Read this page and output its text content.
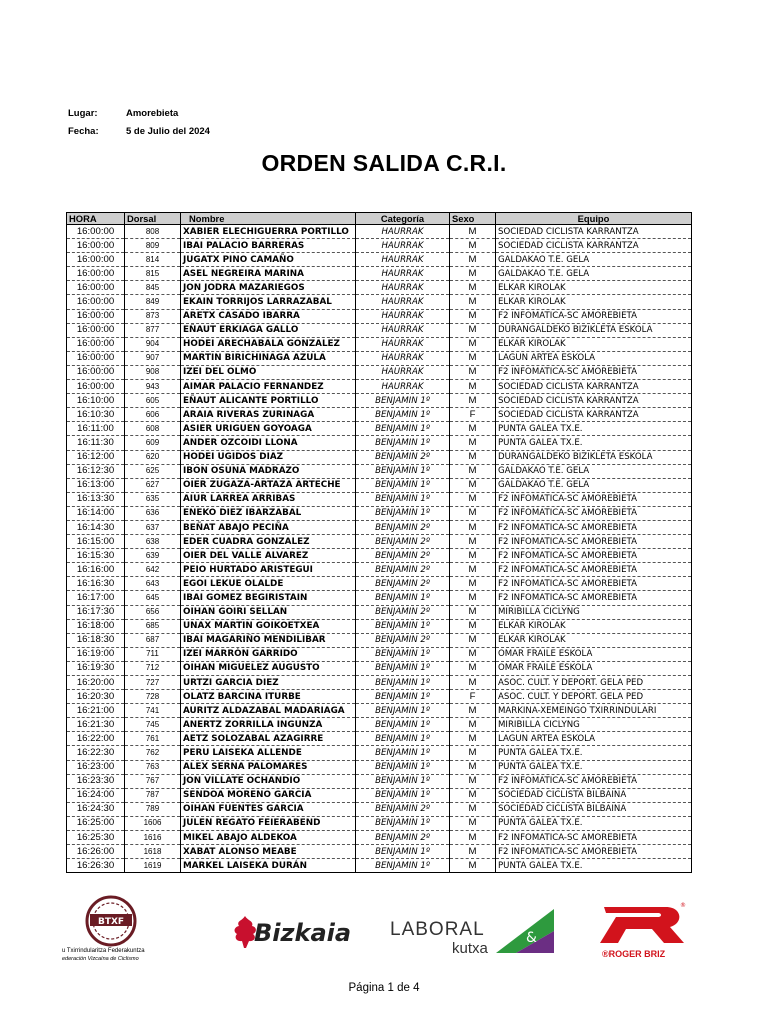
Lugar:	Amorebieta
Fecha:	5 de Julio del 2024
ORDEN SALIDA C.R.I.
HORA	Dorsal	Nombre	Categoría	Sexo	Equipo
16:00:00	808	XABIER ELECHIGUERRA PORTILLO	HAURRAK	M	SOCIEDAD CICLISTA KARRANTZA
16:00:00	809	IBAI PALACIO BARRERAS	HAURRAK	M	SOCIEDAD CICLISTA KARRANTZA
16:00:00	814	JUGATX PINO CAMAÑO	HAURRAK	M	GALDAKAO T.E. GELA
16:00:00	815	ASEL NEGREIRA MARINA	HAURRAK	M	GALDAKAO T.E. GELA
16:00:00	845	JON JODRA MAZARIEGOS	HAURRAK	M	ELKAR KIROLAK
16:00:00	849	EKAIN TORRIJOS LARRAZABAL	HAURRAK	M	ELKAR KIROLAK
16:00:00	873	ARETX CASADO IBARRA	HAURRAK	M	F2 INFOMATICA-SC AMOREBIETA
16:00:00	877	EÑAUT ERKIAGA GALLO	HAURRAK	M	DURANGALDEKO BIZIKLETA ESKOLA
16:00:00	904	HODEI ARECHABALA GONZALEZ	HAURRAK	M	ELKAR KIROLAK
16:00:00	907	MARTIN BIRICHINAGA AZULA	HAURRAK	M	LAGUN ARTEA ESKOLA
16:00:00	908	IZEI DEL OLMO	HAURRAK	M	F2 INFOMATICA-SC AMOREBIETA
16:00:00	943	AIMAR PALACIO FERNANDEZ	HAURRAK	M	SOCIEDAD CICLISTA KARRANTZA
16:10:00	605	EÑAUT ALICANTE PORTILLO	BENJAMIN 1º	M	SOCIEDAD CICLISTA KARRANTZA
16:10:30	606	ARAIA RIVERAS ZURINAGA	BENJAMIN 1º	F	SOCIEDAD CICLISTA KARRANTZA
16:11:00	608	ASIER URIGUEN GOYOAGA	BENJAMIN 1º	M	PUNTA GALEA TX.E.
16:11:30	609	ANDER OZCOIDI LLONA	BENJAMIN 1º	M	PUNTA GALEA TX.E.
16:12:00	620	HODEI UGIDOS DIAZ	BENJAMIN 2º	M	DURANGALDEKO BIZIKLETA ESKOLA
16:12:30	625	IBON OSUNA MADRAZO	BENJAMIN 1º	M	GALDAKAO T.E. GELA
16:13:00	627	OIER ZUGAZA-ARTAZA ARTECHE	BENJAMIN 1º	M	GALDAKAO T.E. GELA
16:13:30	635	AIUR LARREA ARRIBAS	BENJAMIN 1º	M	F2 INFOMATICA-SC AMOREBIETA
16:14:00	636	ENEKO DIEZ IBARZABAL	BENJAMIN 1º	M	F2 INFOMATICA-SC AMOREBIETA
16:14:30	637	BEÑAT ABAJO PECIÑA	BENJAMIN 2º	M	F2 INFOMATICA-SC AMOREBIETA
16:15:00	638	EDER CUADRA GONZALEZ	BENJAMIN 2º	M	F2 INFOMATICA-SC AMOREBIETA
16:15:30	639	OIER DEL VALLE ALVAREZ	BENJAMIN 2º	M	F2 INFOMATICA-SC AMOREBIETA
16:16:00	642	PEIO HURTADO ARISTEGUI	BENJAMIN 2º	M	F2 INFOMATICA-SC AMOREBIETA
16:16:30	643	EGOI LEKUE OLALDE	BENJAMIN 2º	M	F2 INFOMATICA-SC AMOREBIETA
16:17:00	645	IBAI GOMEZ BEGIRISTAIN	BENJAMIN 1º	M	F2 INFOMATICA-SC AMOREBIETA
16:17:30	656	OIHAN GOIRI SELLAN	BENJAMIN 2º	M	MIRIBILLA CICLYNG
16:18:00	685	UNAX MARTIN GOIKOETXEA	BENJAMIN 1º	M	ELKAR KIROLAK
16:18:30	687	IBAI MAGARIÑO MENDILIBAR	BENJAMIN 2º	M	ELKAR KIROLAK
16:19:00	711	IZEI MARRÓN GARRIDO	BENJAMIN 1º	M	OMAR FRAILE ESKOLA
16:19:30	712	OIHAN MIGUELEZ AUGUSTO	BENJAMIN 1º	M	OMAR FRAILE ESKOLA
16:20:00	727	URTZI GARCIA DIEZ	BENJAMIN 1º	M	ASOC. CULT. Y DEPORT. GELA PED
16:20:30	728	OLATZ BARCINA ITURBE	BENJAMIN 1º	F	ASOC. CULT. Y DEPORT. GELA PED
16:21:00	741	AURITZ ALDAZABAL MADARIAGA	BENJAMIN 1º	M	MARKINA-XEMEINGO TXIRRINDULARI
16:21:30	745	ANERTZ ZORRILLA INGUNZA	BENJAMIN 1º	M	MIRIBILLA CICLYNG
16:22:00	761	AETZ SOLOZABAL AZAGIRRE	BENJAMIN 1º	M	LAGUN ARTEA ESKOLA
16:22:30	762	PERU LAISEKA ALLENDE	BENJAMIN 1º	M	PUNTA GALEA TX.E.
16:23:00	763	ALEX SERNA PALOMARES	BENJAMIN 1º	M	PUNTA GALEA TX.E.
16:23:30	767	JON VILLATE OCHANDIO	BENJAMIN 1º	M	F2 INFOMATICA-SC AMOREBIETA
16:24:00	787	SENDOA MORENO GARCIA	BENJAMIN 1º	M	SOCIEDAD CICLISTA BILBAINA
16:24:30	789	OIHAN FUENTES GARCIA	BENJAMIN 2º	M	SOCIEDAD CICLISTA BILBAINA
16:25:00	1606	JULEN REGATO FEIERABEND	BENJAMIN 1º	M	PUNTA GALEA TX.E.
16:25:30	1616	MIKEL ABAJO ALDEKOA	BENJAMIN 2º	M	F2 INFOMATICA-SC AMOREBIETA
16:26:00	1618	XABAT ALONSO MEABE	BENJAMIN 1º	M	F2 INFOMATICA-SC AMOREBIETA
16:26:30	1619	MARKEL LAISEKA DURÁN	BENJAMIN 1º	M	PUNTA GALEA TX.E.
BTXF
u Txirrindularitza Federakuntza
ederación Vizcaína de Ciclismo
Bizkaia LABORAL
kutxa
&
®
®ROGER BRIZ
Página 1 de 4
